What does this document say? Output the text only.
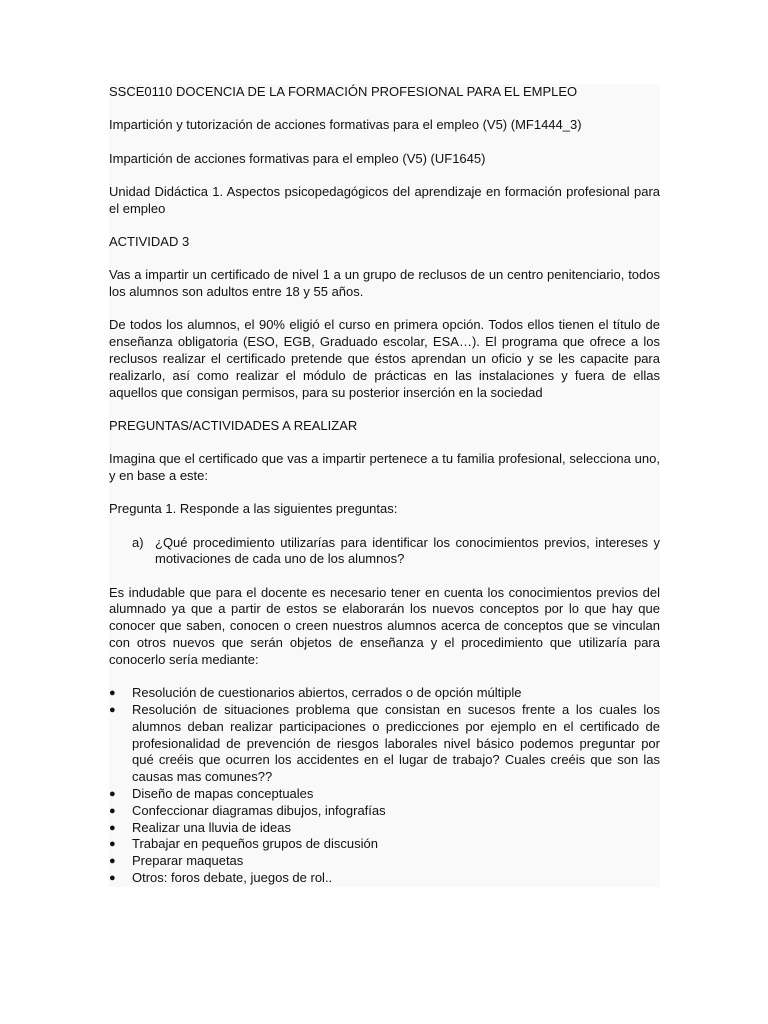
SSCE0110 DOCENCIA DE LA FORMACIÓN PROFESIONAL PARA EL EMPLEO

Impartición y tutorización de acciones formativas para el empleo (V5) (MF1444_3)

Impartición de acciones formativas para el empleo (V5) (UF1645)

Unidad Didáctica 1. Aspectos psicopedagógicos del aprendizaje en formación profesional para el empleo

ACTIVIDAD 3

Vas a impartir un certificado de nivel 1 a un grupo de reclusos de un centro penitenciario, todos los alumnos son adultos entre 18 y 55 años.

De todos los alumnos, el 90% eligió el curso en primera opción. Todos ellos tienen el título de enseñanza obligatoria (ESO, EGB, Graduado escolar, ESA…). El programa que ofrece a los reclusos realizar el certificado pretende que éstos aprendan un oficio y se les capacite para realizarlo, así como realizar el módulo de prácticas en las instalaciones y fuera de ellas aquellos que consigan permisos, para su posterior inserción en la sociedad

PREGUNTAS/ACTIVIDADES A REALIZAR

Imagina que el certificado que vas a impartir pertenece a tu familia profesional, selecciona uno, y en base a este:

Pregunta 1. Responde a las siguientes preguntas:

a) ¿Qué procedimiento utilizarías para identificar los conocimientos previos, intereses y motivaciones de cada uno de los alumnos?

Es indudable que para el docente es necesario tener en cuenta los conocimientos previos del alumnado ya que a partir de estos se elaborarán los nuevos conceptos por lo que hay que conocer que saben, conocen o creen nuestros alumnos acerca de conceptos que se vinculan con otros nuevos que serán objetos de enseñanza y el procedimiento que utilizaría para conocerlo sería mediante:

●	Resolución de cuestionarios abiertos, cerrados o de opción múltiple
●	Resolución de situaciones problema que consistan en sucesos frente a los cuales los alumnos deban realizar participaciones o predicciones por ejemplo en el certificado de profesionalidad de prevención de riesgos laborales nivel básico podemos preguntar por qué creéis que ocurren los accidentes en el lugar de trabajo? Cuales creéis que son las causas mas comunes??
●	Diseño de mapas conceptuales
●	Confeccionar diagramas dibujos, infografías
●	Realizar una lluvia de ideas
●	Trabajar en pequeños grupos de discusión
●	Preparar maquetas
●	Otros: foros debate, juegos de rol..
